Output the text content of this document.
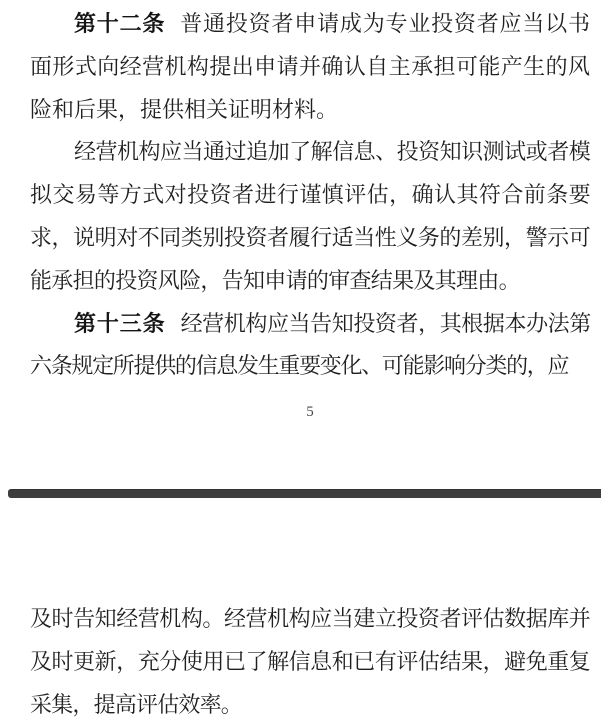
第十二条 普通投资者申请成为专业投资者应当以书面形式向经营机构提出申请并确认自主承担可能产生的风险和后果，提供相关证明材料。

经营机构应当通过追加了解信息、投资知识测试或者模拟交易等方式对投资者进行谨慎评估，确认其符合前条要求，说明对不同类别投资者履行适当性义务的差别，警示可能承担的投资风险，告知申请的审查结果及其理由。

第十三条 经营机构应当告知投资者，其根据本办法第六条规定所提供的信息发生重要变化、可能影响分类的，应

5

及时告知经营机构。经营机构应当建立投资者评估数据库并及时更新，充分使用已了解信息和已有评估结果，避免重复采集，提高评估效率。
